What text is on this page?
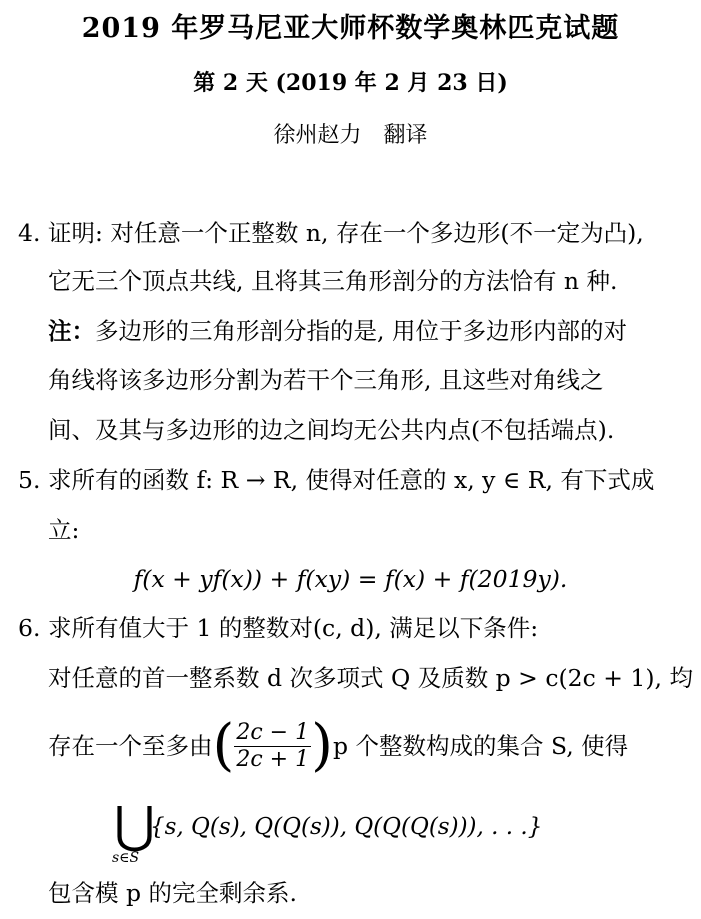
2019 年罗马尼亚大师杯数学奥林匹克试题
第 2 天 (2019 年 2 月 23 日)
徐州赵力　翻译
4. 证明: 对任意一个正整数 n, 存在一个多边形(不一定为凸),
它无三个顶点共线, 且将其三角形剖分的方法恰有 n 种.
注：多边形的三角形剖分指的是, 用位于多边形内部的对
角线将该多边形分割为若干个三角形, 且这些对角线之
间、及其与多边形的边之间均无公共内点(不包括端点).
5. 求所有的函数 f: R → R, 使得对任意的 x, y ∈ R, 有下式成
立:
f(x + yf(x)) + f(xy) = f(x) + f(2019y).
6. 求所有值大于 1 的整数对(c, d), 满足以下条件:
对任意的首一整系数 d 次多项式 Q 及质数 p > c(2c + 1), 均
存在一个至多由 ( $\frac{2c - 1}{2c + 1}$ ) p 个整数构成的集合 S, 使得
⋃
s∈S
{s, Q(s), Q(Q(s)), Q(Q(Q(s))), . . .}
包含模 p 的完全剩余系.
